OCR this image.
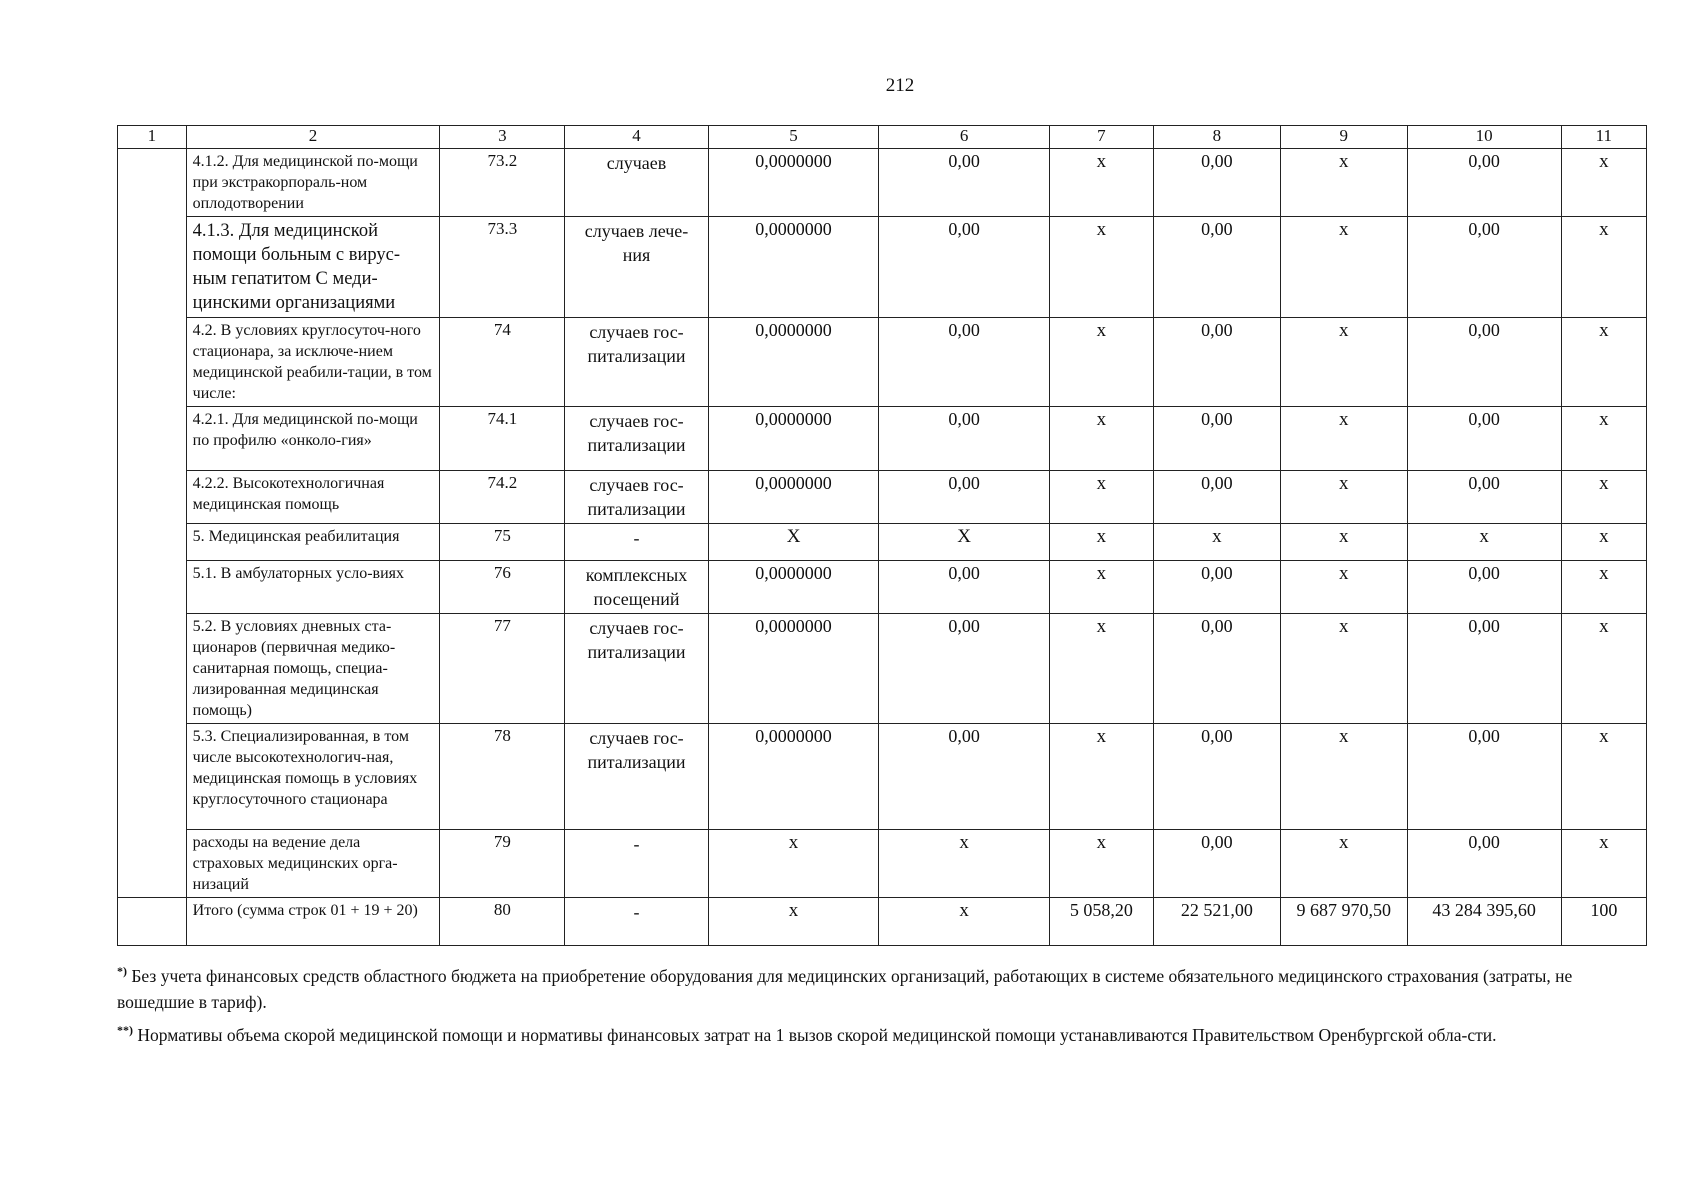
212
1	2	3	4	5	6	7	8	9	10	11
	4.1.2. Для медицинской по-мощи при экстракорпораль-ном оплодотворении	73.2	случаев	0,0000000	0,00	x	0,00	x	0,00	x
	4.1.3. Для медицинской помощи больным с вирус-ным гепатитом С меди-цинскими организациями	73.3	случаев лече-ния	0,0000000	0,00	x	0,00	x	0,00	x
	4.2. В условиях круглосуточ-ного стационара, за исключе-нием медицинской реабили-тации, в том числе:	74	случаев гос-питализации	0,0000000	0,00	x	0,00	x	0,00	x
	4.2.1. Для медицинской по-мощи по профилю «онколо-гия»	74.1	случаев гос-питализации	0,0000000	0,00	x	0,00	x	0,00	x
	4.2.2. Высокотехнологичная медицинская помощь	74.2	случаев гос-питализации	0,0000000	0,00	x	0,00	x	0,00	x
	5. Медицинская реабилитация	75	-	X	X	x	x	x	x	x
	5.1. В амбулаторных усло-виях	76	комплексных посещений	0,0000000	0,00	x	0,00	x	0,00	x
	5.2. В условиях дневных ста-ционаров (первичная медико-санитарная помощь, специа-лизированная медицинская помощь)	77	случаев гос-питализации	0,0000000	0,00	x	0,00	x	0,00	x
	5.3. Специализированная, в том числе высокотехнологич-ная, медицинская помощь в условиях круглосуточного стационара	78	случаев гос-питализации	0,0000000	0,00	x	0,00	x	0,00	x
	расходы на ведение дела страховых медицинских орга-низаций	79	-	x	x	x	0,00	x	0,00	x
	Итого (сумма строк 01 + 19 + 20)	80	-	x	x	5 058,20	22 521,00	9 687 970,50	43 284 395,60	100

*) Без учета финансовых средств областного бюджета на приобретение оборудования для медицинских организаций, работающих в системе обязательного медицинского страхования (затраты, не вошедшие в тариф).

**) Нормативы объема скорой медицинской помощи и нормативы финансовых затрат на 1 вызов скорой медицинской помощи устанавливаются Правительством Оренбургской обла-сти.
